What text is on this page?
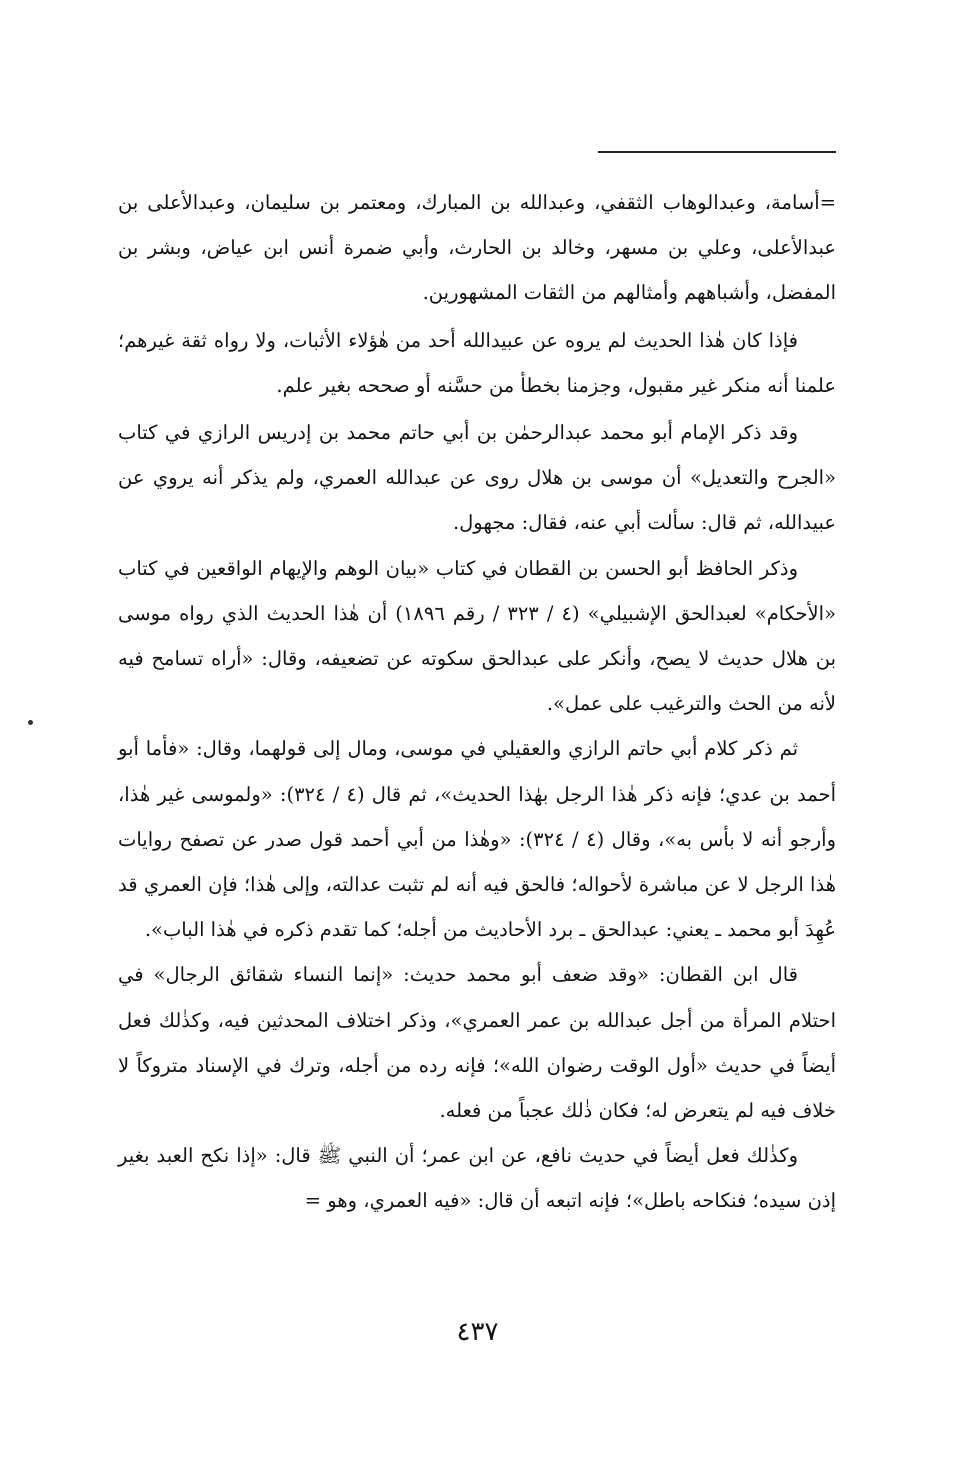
=أسامة، وعبدالوهاب الثقفي، وعبدالله بن المبارك، ومعتمر بن سليمان، وعبدالأعلى بن عبدالأعلى، وعلي بن مسهر، وخالد بن الحارث، وأبي ضمرة أنس ابن عياض، وبشر بن المفضل، وأشباههم وأمثالهم من الثقات المشهورين.

فإذا كان هٰذا الحديث لم يروه عن عبيدالله أحد من هٰؤلاء الأثبات، ولا رواه ثقة غيرهم؛ علمنا أنه منكر غير مقبول، وجزمنا بخطأ من حسَّنه أو صححه بغير علم.

وقد ذكر الإمام أبو محمد عبدالرحمٰن بن أبي حاتم محمد بن إدريس الرازي في كتاب «الجرح والتعديل» أن موسى بن هلال روى عن عبدالله العمري، ولم يذكر أنه يروي عن عبيدالله، ثم قال: سألت أبي عنه، فقال: مجهول.

وذكر الحافظ أبو الحسن بن القطان في كتاب «بيان الوهم والإيهام الواقعين في كتاب «الأحكام» لعبدالحق الإشبيلي» (٤ / ٣٢٣ / رقم ١٨٩٦) أن هٰذا الحديث الذي رواه موسى بن هلال حديث لا يصح، وأنكر على عبدالحق سكوته عن تضعيفه، وقال: «أراه تسامح فيه لأنه من الحث والترغيب على عمل».

ثم ذكر كلام أبي حاتم الرازي والعقيلي في موسى، ومال إلى قولهما، وقال: «فأما أبو أحمد بن عدي؛ فإنه ذكر هٰذا الرجل بهٰذا الحديث»، ثم قال (٤ / ٣٢٤): «ولموسى غير هٰذا، وأرجو أنه لا بأس به»، وقال (٤ / ٣٢٤): «وهٰذا من أبي أحمد قول صدر عن تصفح روايات هٰذا الرجل لا عن مباشرة لأحواله؛ فالحق فيه أنه لم تثبت عدالته، وإلى هٰذا؛ فإن العمري قد عُهِدَ أبو محمد ـ يعني: عبدالحق ـ برد الأحاديث من أجله؛ كما تقدم ذكره في هٰذا الباب».

قال ابن القطان: «وقد ضعف أبو محمد حديث: «إنما النساء شقائق الرجال» في احتلام المرأة من أجل عبدالله بن عمر العمري»، وذكر اختلاف المحدثين فيه، وكذٰلك فعل أيضاً في حديث «أول الوقت رضوان الله»؛ فإنه رده من أجله، وترك في الإسناد متروكاً لا خلاف فيه لم يتعرض له؛ فكان ذٰلك عجباً من فعله.

وكذٰلك فعل أيضاً في حديث نافع، عن ابن عمر؛ أن النبي ﷺ قال: «إذا نكح العبد بغير إذن سيده؛ فنكاحه باطل»؛ فإنه اتبعه أن قال: «فيه العمري، وهو =

٤٣٧
